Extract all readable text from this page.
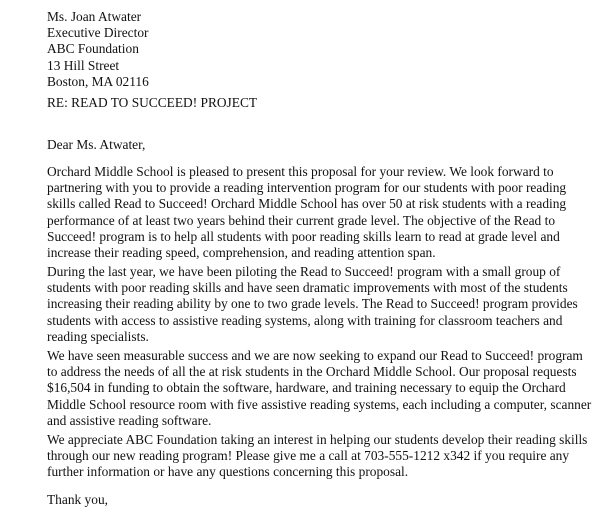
Ms. Joan Atwater
Executive Director
ABC Foundation
13 Hill Street
Boston, MA 02116
RE: READ TO SUCCEED! PROJECT
Dear Ms. Atwater,
Orchard Middle School is pleased to present this proposal for your review. We look forward to
partnering with you to provide a reading intervention program for our students with poor reading
skills called Read to Succeed! Orchard Middle School has over 50 at risk students with a reading
performance of at least two years behind their current grade level. The objective of the Read to
Succeed! program is to help all students with poor reading skills learn to read at grade level and
increase their reading speed, comprehension, and reading attention span.
During the last year, we have been piloting the Read to Succeed! program with a small group of
students with poor reading skills and have seen dramatic improvements with most of the students
increasing their reading ability by one to two grade levels. The Read to Succeed! program provides
students with access to assistive reading systems, along with training for classroom teachers and
reading specialists.
We have seen measurable success and we are now seeking to expand our Read to Succeed! program
to address the needs of all the at risk students in the Orchard Middle School. Our proposal requests
$16,504 in funding to obtain the software, hardware, and training necessary to equip the Orchard
Middle School resource room with five assistive reading systems, each including a computer, scanner
and assistive reading software.
We appreciate ABC Foundation taking an interest in helping our students develop their reading skills
through our new reading program! Please give me a call at 703-555-1212 x342 if you require any
further information or have any questions concerning this proposal.
Thank you,
